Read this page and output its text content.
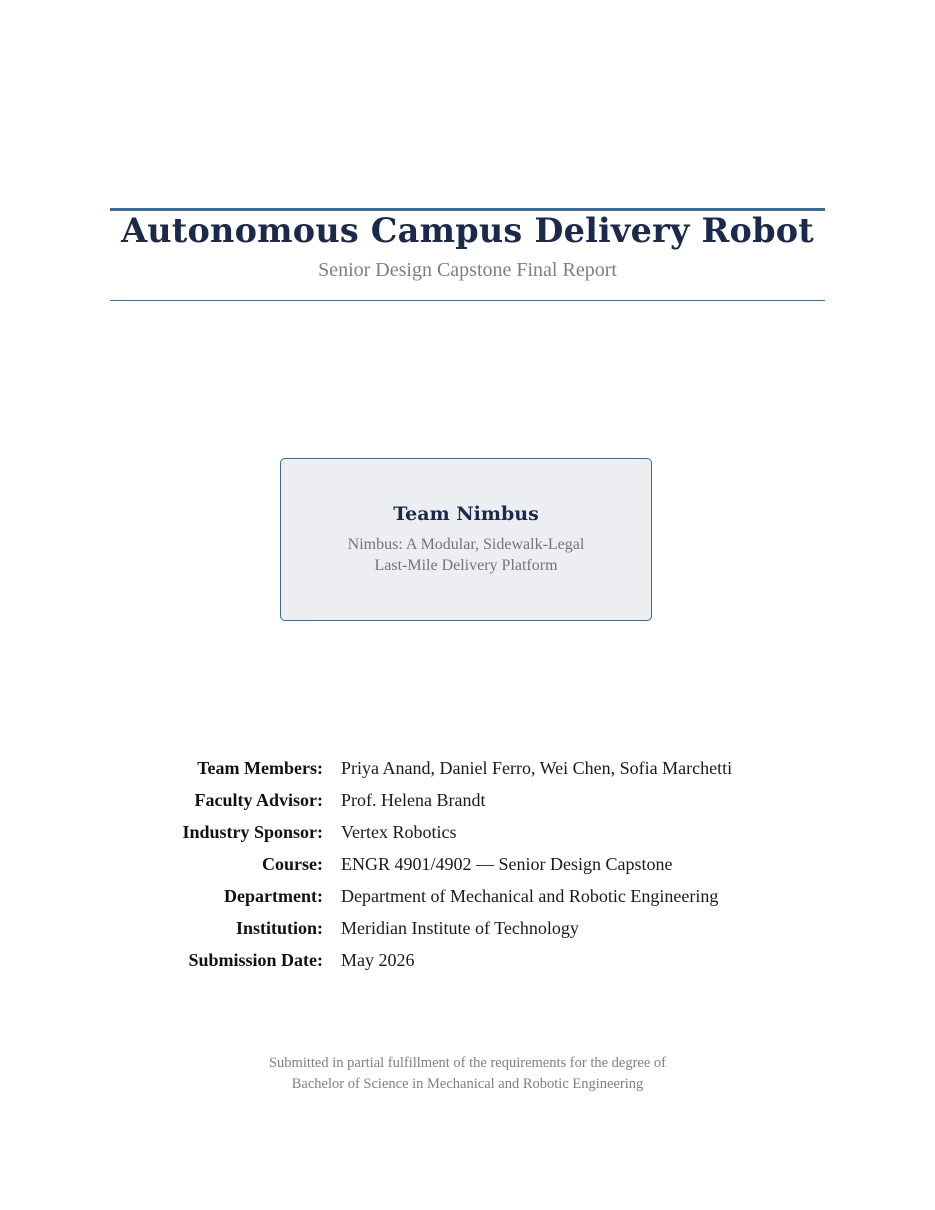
Autonomous Campus Delivery Robot
Senior Design Capstone Final Report
Team Nimbus
Nimbus: A Modular, Sidewalk-Legal
Last-Mile Delivery Platform
Team Members: Priya Anand, Daniel Ferro, Wei Chen, Sofia Marchetti
Faculty Advisor: Prof. Helena Brandt
Industry Sponsor: Vertex Robotics
Course: ENGR 4901/4902 — Senior Design Capstone
Department: Department of Mechanical and Robotic Engineering
Institution: Meridian Institute of Technology
Submission Date: May 2026
Submitted in partial fulfillment of the requirements for the degree of
Bachelor of Science in Mechanical and Robotic Engineering
